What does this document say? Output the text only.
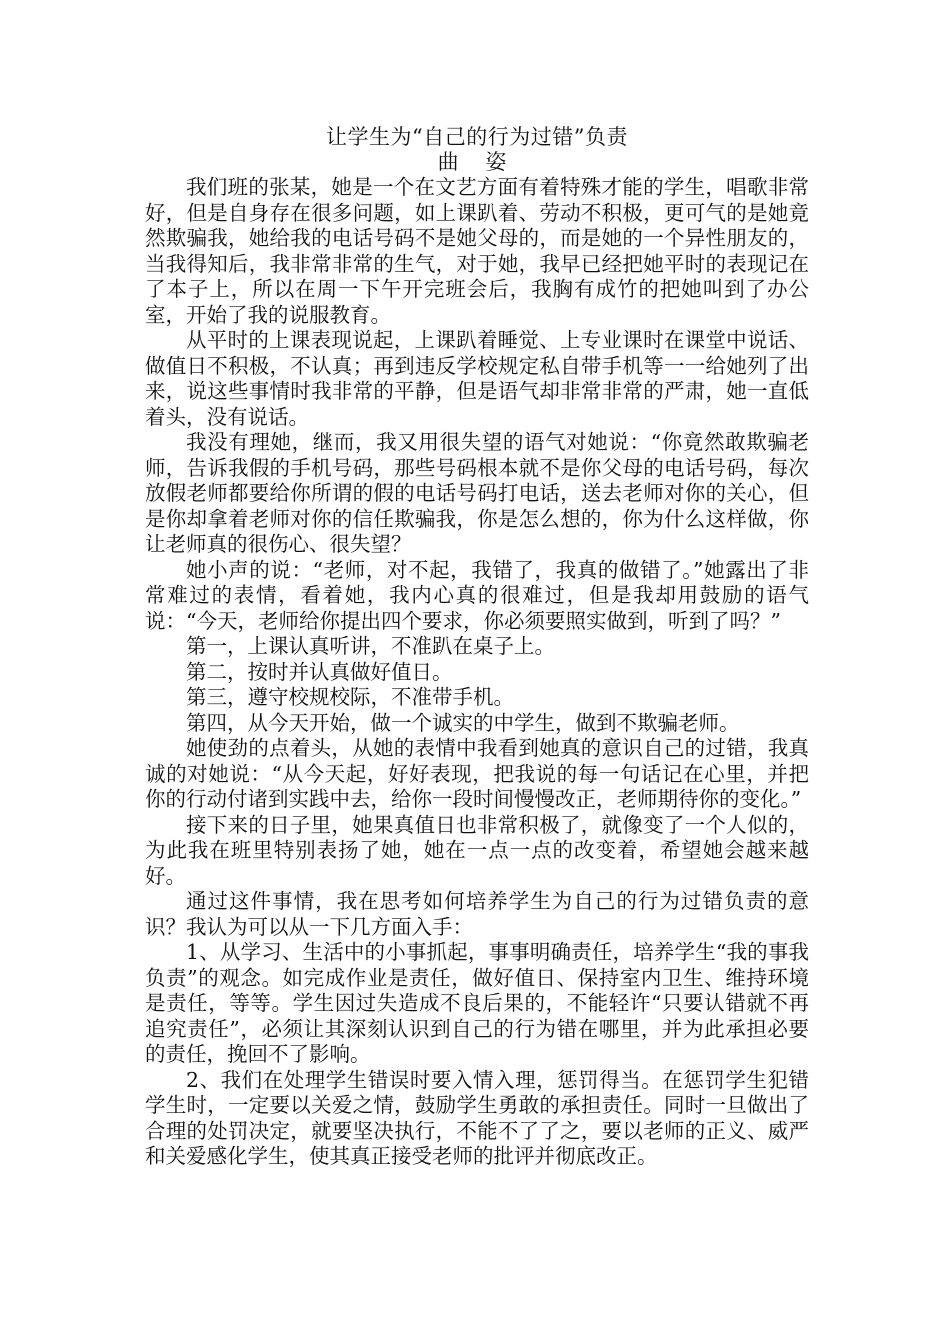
让学生为“自己的行为过错”负责
曲 姿

我们班的张某，她是一个在文艺方面有着特殊才能的学生，唱歌非常好，但是自身存在很多问题，如上课趴着、劳动不积极，更可气的是她竟然欺骗我，她给我的电话号码不是她父母的，而是她的一个异性朋友的，当我得知后，我非常非常的生气，对于她，我早已经把她平时的表现记在了本子上，所以在周一下午开完班会后，我胸有成竹的把她叫到了办公室，开始了我的说服教育。

从平时的上课表现说起，上课趴着睡觉、上专业课时在课堂中说话、做值日不积极，不认真；再到违反学校规定私自带手机等一一给她列了出来，说这些事情时我非常的平静，但是语气却非常非常的严肃，她一直低着头，没有说话。

我没有理她，继而，我又用很失望的语气对她说：“你竟然敢欺骗老师，告诉我假的手机号码，那些号码根本就不是你父母的电话号码，每次放假老师都要给你所谓的假的电话号码打电话，送去老师对你的关心，但是你却拿着老师对你的信任欺骗我，你是怎么想的，你为什么这样做，你让老师真的很伤心、很失望？

她小声的说：“老师，对不起，我错了，我真的做错了。”她露出了非常难过的表情，看着她，我内心真的很难过，但是我却用鼓励的语气说：“今天，老师给你提出四个要求，你必须要照实做到，听到了吗？”

第一，上课认真听讲，不准趴在桌子上。

第二，按时并认真做好值日。

第三，遵守校规校际，不准带手机。

第四，从今天开始，做一个诚实的中学生，做到不欺骗老师。

她使劲的点着头，从她的表情中我看到她真的意识自己的过错，我真诚的对她说：“从今天起，好好表现，把我说的每一句话记在心里，并把你的行动付诸到实践中去，给你一段时间慢慢改正，老师期待你的变化。”

接下来的日子里，她果真值日也非常积极了，就像变了一个人似的，为此我在班里特别表扬了她，她在一点一点的改变着，希望她会越来越好。

通过这件事情，我在思考如何培养学生为自己的行为过错负责的意识？我认为可以从一下几方面入手：

1、从学习、生活中的小事抓起，事事明确责任，培养学生“我的事我负责”的观念。如完成作业是责任，做好值日、保持室内卫生、维持环境是责任，等等。学生因过失造成不良后果的，不能轻许“只要认错就不再追究责任”，必须让其深刻认识到自己的行为错在哪里，并为此承担必要的责任，挽回不了影响。

2、我们在处理学生错误时要入情入理，惩罚得当。在惩罚学生犯错学生时，一定要以关爱之情，鼓励学生勇敢的承担责任。同时一旦做出了合理的处罚决定，就要坚决执行，不能不了了之，要以老师的正义、威严和关爱感化学生，使其真正接受老师的批评并彻底改正。
